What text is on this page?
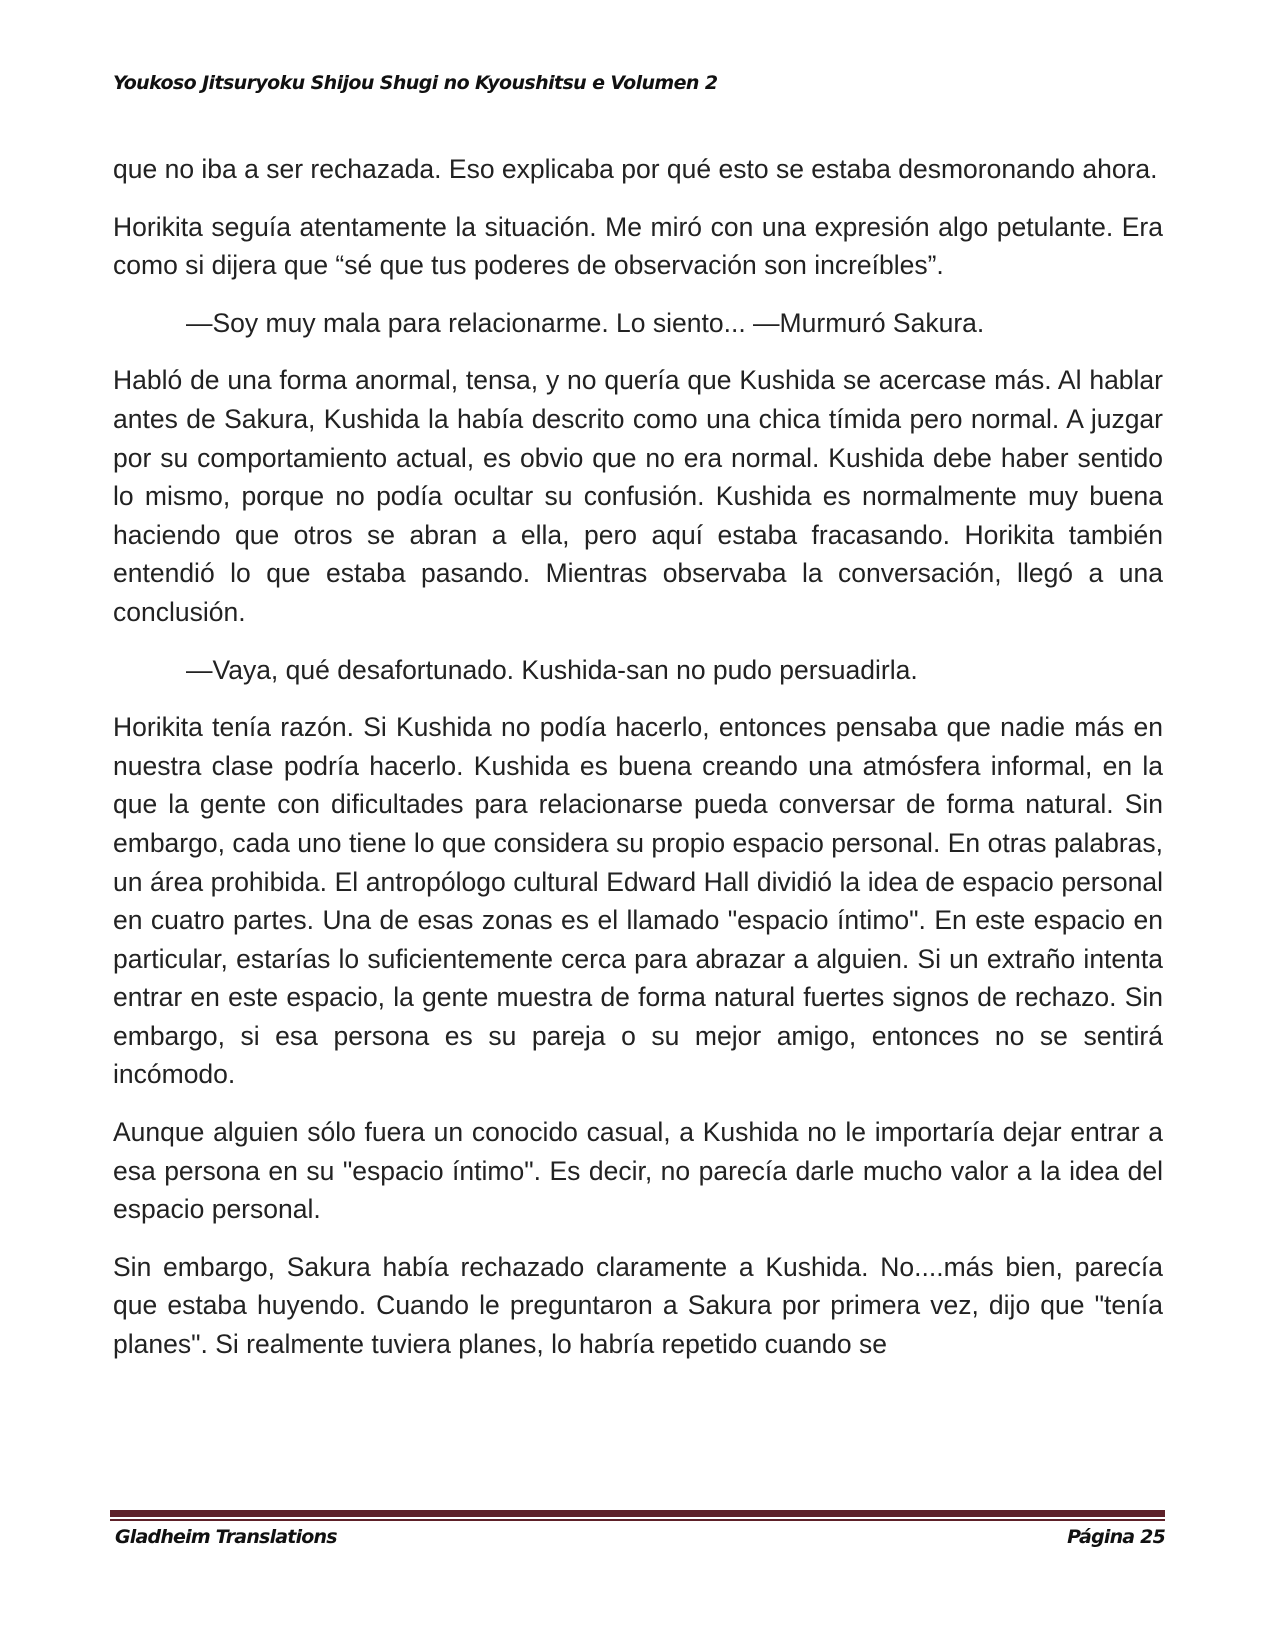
Youkoso Jitsuryoku Shijou Shugi no Kyoushitsu e Volumen 2

que no iba a ser rechazada. Eso explicaba por qué esto se estaba desmoronando ahora.

Horikita seguía atentamente la situación. Me miró con una expresión algo petulante. Era como si dijera que “sé que tus poderes de observación son increíbles”.

—Soy muy mala para relacionarme. Lo siento... —Murmuró Sakura.

Habló de una forma anormal, tensa, y no quería que Kushida se acercase más. Al hablar antes de Sakura, Kushida la había descrito como una chica tímida pero normal. A juzgar por su comportamiento actual, es obvio que no era normal. Kushida debe haber sentido lo mismo, porque no podía ocultar su confusión. Kushida es normalmente muy buena haciendo que otros se abran a ella, pero aquí estaba fracasando. Horikita también entendió lo que estaba pasando. Mientras observaba la conversación, llegó a una conclusión.

—Vaya, qué desafortunado. Kushida-san no pudo persuadirla.

Horikita tenía razón. Si Kushida no podía hacerlo, entonces pensaba que nadie más en nuestra clase podría hacerlo. Kushida es buena creando una atmósfera informal, en la que la gente con dificultades para relacionarse pueda conversar de forma natural. Sin embargo, cada uno tiene lo que considera su propio espacio personal. En otras palabras, un área prohibida. El antropólogo cultural Edward Hall dividió la idea de espacio personal en cuatro partes. Una de esas zonas es el llamado "espacio íntimo". En este espacio en particular, estarías lo suficientemente cerca para abrazar a alguien. Si un extraño intenta entrar en este espacio, la gente muestra de forma natural fuertes signos de rechazo. Sin embargo, si esa persona es su pareja o su mejor amigo, entonces no se sentirá incómodo.

Aunque alguien sólo fuera un conocido casual, a Kushida no le importaría dejar entrar a esa persona en su "espacio íntimo". Es decir, no parecía darle mucho valor a la idea del espacio personal.

Sin embargo, Sakura había rechazado claramente a Kushida. No....más bien, parecía que estaba huyendo. Cuando le preguntaron a Sakura por primera vez, dijo que "tenía planes". Si realmente tuviera planes, lo habría repetido cuando se

Gladheim Translations	Página 25
